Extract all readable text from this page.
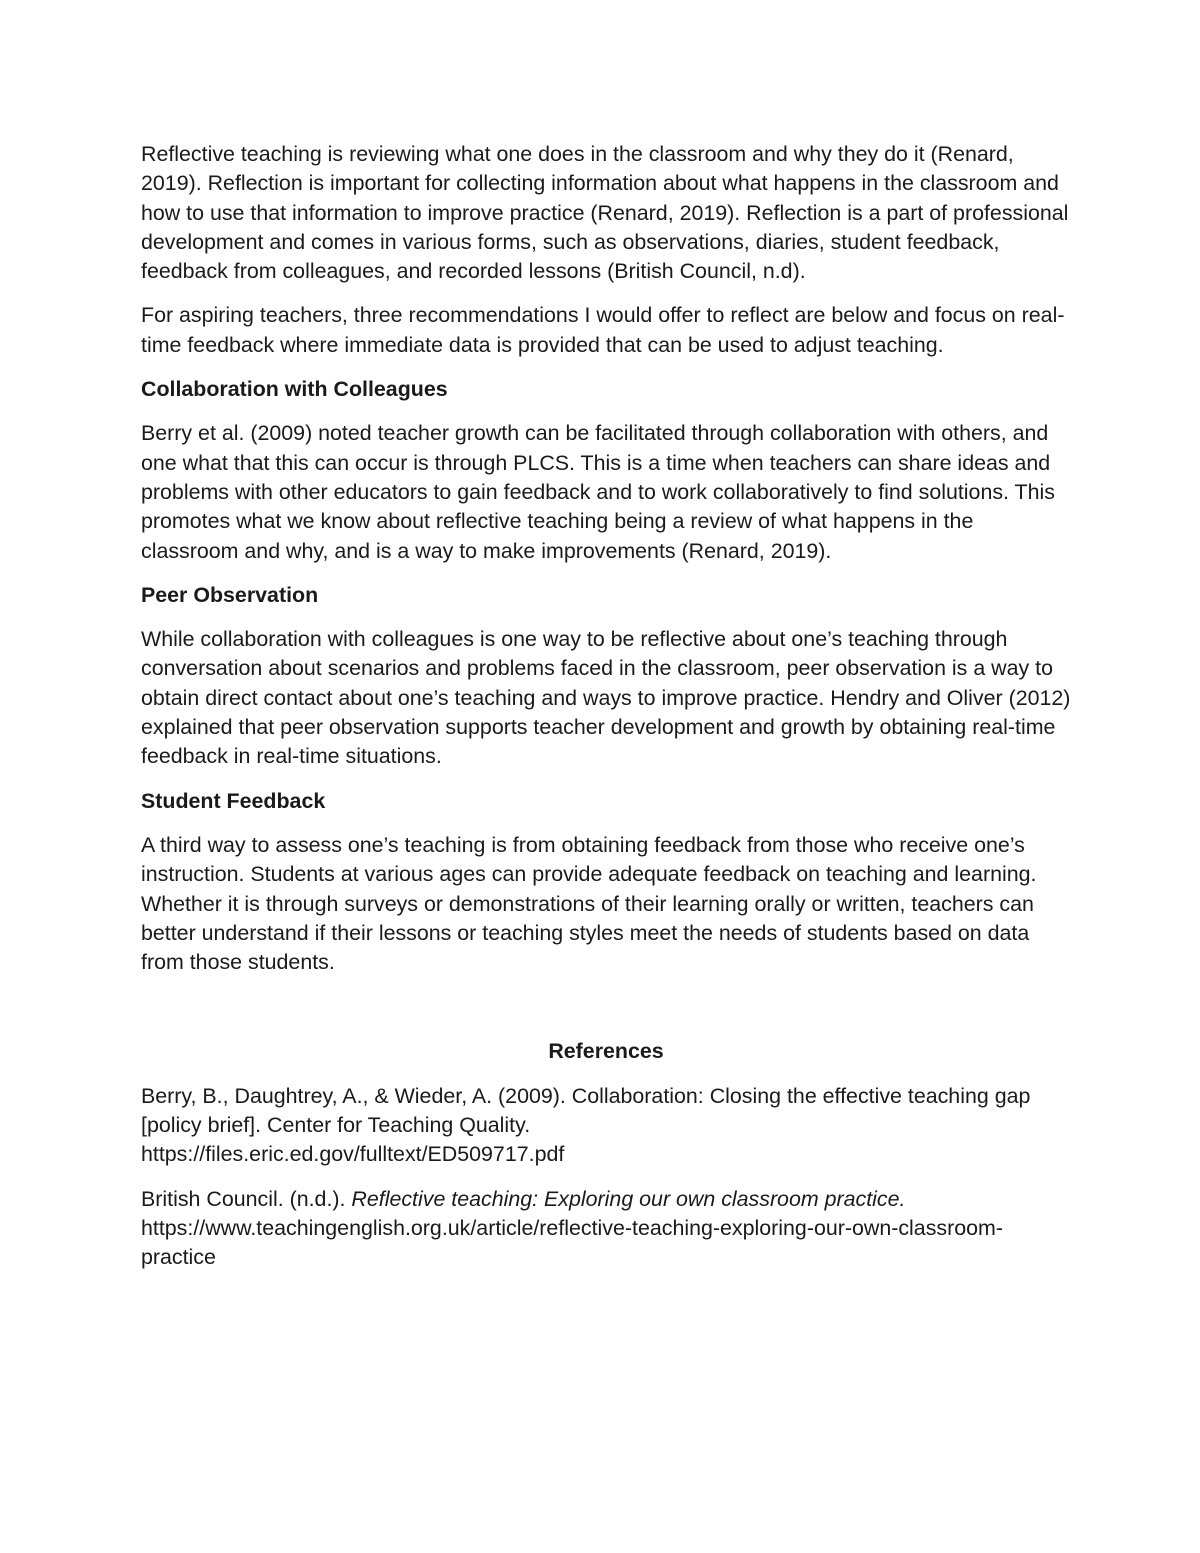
Reflective teaching is reviewing what one does in the classroom and why they do it (Renard, 2019). Reflection is important for collecting information about what happens in the classroom and how to use that information to improve practice (Renard, 2019). Reflection is a part of professional development and comes in various forms, such as observations, diaries, student feedback, feedback from colleagues, and recorded lessons (British Council, n.d).

For aspiring teachers, three recommendations I would offer to reflect are below and focus on real-time feedback where immediate data is provided that can be used to adjust teaching.

Collaboration with Colleagues

Berry et al. (2009) noted teacher growth can be facilitated through collaboration with others, and one what that this can occur is through PLCS. This is a time when teachers can share ideas and problems with other educators to gain feedback and to work collaboratively to find solutions. This promotes what we know about reflective teaching being a review of what happens in the classroom and why, and is a way to make improvements (Renard, 2019).

Peer Observation

While collaboration with colleagues is one way to be reflective about one’s teaching through conversation about scenarios and problems faced in the classroom, peer observation is a way to obtain direct contact about one’s teaching and ways to improve practice. Hendry and Oliver (2012) explained that peer observation supports teacher development and growth by obtaining real-time feedback in real-time situations.

Student Feedback

A third way to assess one’s teaching is from obtaining feedback from those who receive one’s instruction. Students at various ages can provide adequate feedback on teaching and learning. Whether it is through surveys or demonstrations of their learning orally or written, teachers can better understand if their lessons or teaching styles meet the needs of students based on data from those students.

References

Berry, B., Daughtrey, A., & Wieder, A. (2009). Collaboration: Closing the effective teaching gap [policy brief]. Center for Teaching Quality.
https://files.eric.ed.gov/fulltext/ED509717.pdf

British Council. (n.d.). Reflective teaching: Exploring our own classroom practice. https://www.teachingenglish.org.uk/article/reflective-teaching-exploring-our-own-classroom-practice
